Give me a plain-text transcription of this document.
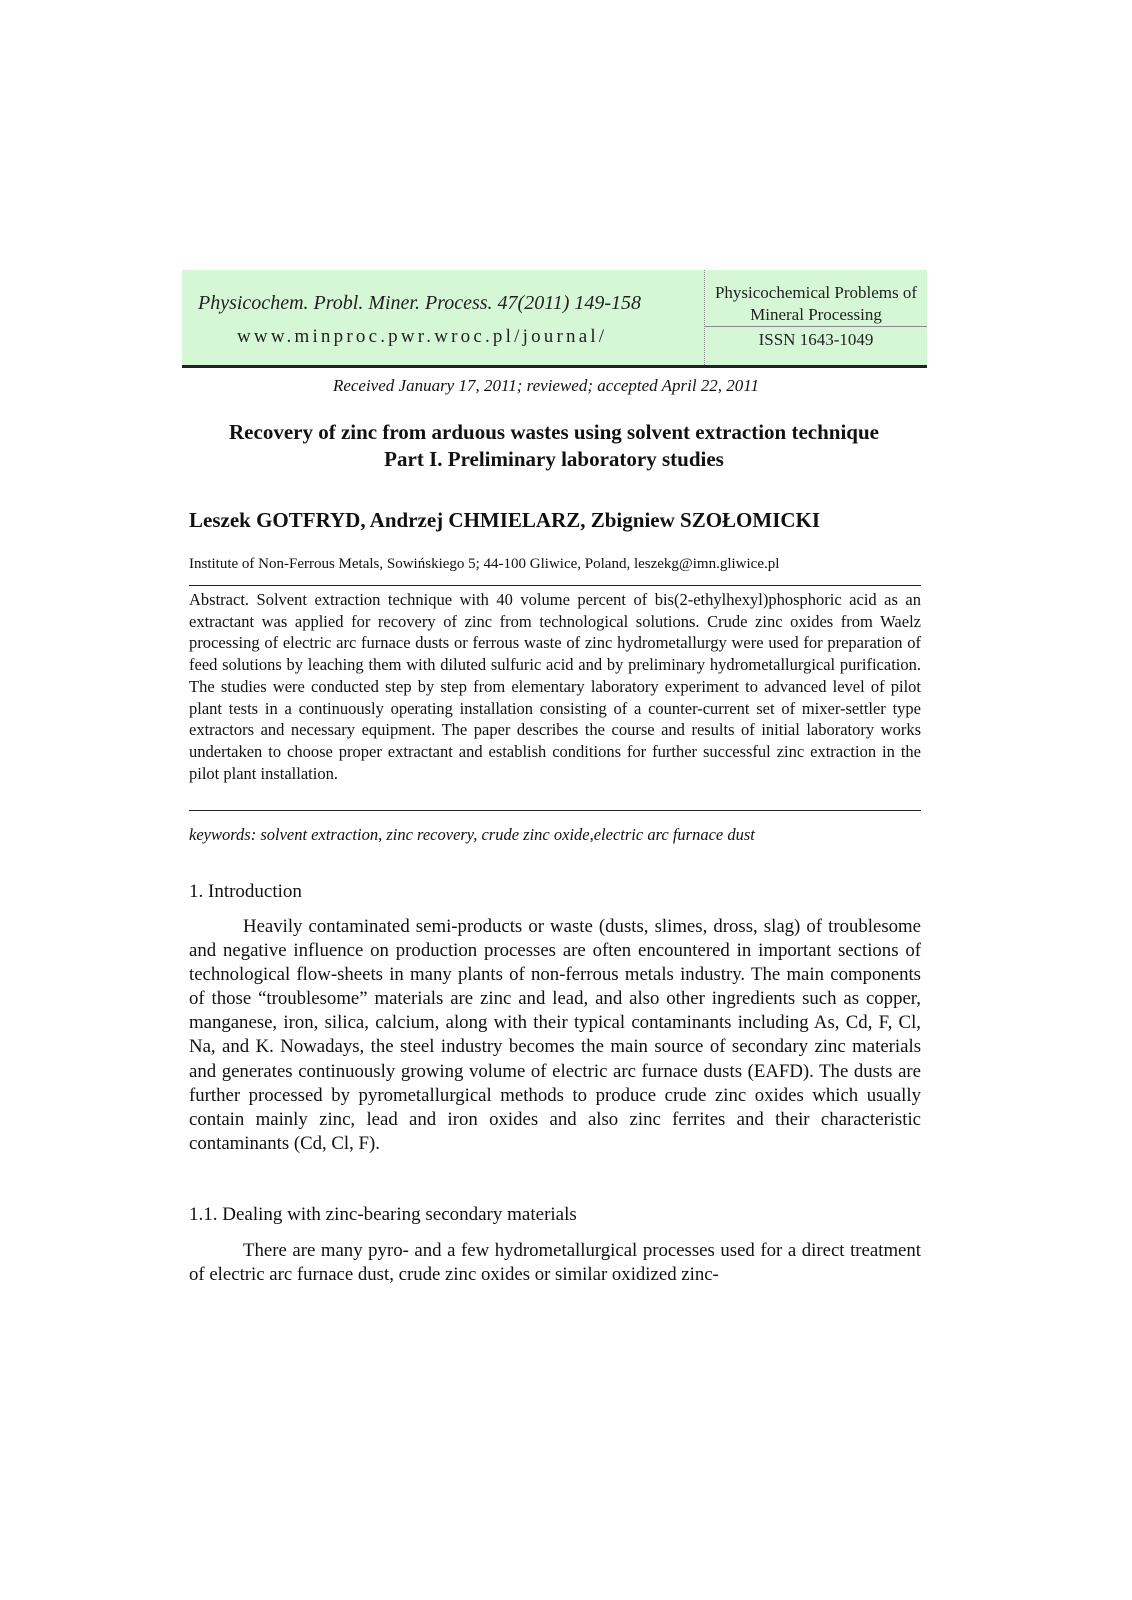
Physicochem. Probl. Miner. Process. 47(2011) 149-158
www.minproc.pwr.wroc.pl/journal/
Physicochemical Problems of Mineral Processing
ISSN 1643-1049
Received January 17, 2011; reviewed; accepted April 22, 2011
Recovery of zinc from arduous wastes using solvent extraction technique
Part I. Preliminary laboratory studies
Leszek GOTFRYD, Andrzej CHMIELARZ, Zbigniew SZOŁOMICKI
Institute of Non-Ferrous Metals, Sowińskiego 5; 44-100 Gliwice, Poland, leszekg@imn.gliwice.pl
Abstract. Solvent extraction technique with 40 volume percent of bis(2-ethylhexyl)phosphoric acid as an extractant was applied for recovery of zinc from technological solutions. Crude zinc oxides from Waelz processing of electric arc furnace dusts or ferrous waste of zinc hydrometallurgy were used for preparation of feed solutions by leaching them with diluted sulfuric acid and by preliminary hydrometallurgical purification. The studies were conducted step by step from elementary laboratory experiment to advanced level of pilot plant tests in a continuously operating installation consisting of a counter-current set of mixer-settler type extractors and necessary equipment. The paper describes the course and results of initial laboratory works undertaken to choose proper extractant and establish conditions for further successful zinc extraction in the pilot plant installation.
keywords: solvent extraction, zinc recovery, crude zinc oxide,electric arc furnace dust
1. Introduction
Heavily contaminated semi-products or waste (dusts, slimes, dross, slag) of troublesome and negative influence on production processes are often encountered in important sections of technological flow-sheets in many plants of non-ferrous metals industry. The main components of those “troublesome” materials are zinc and lead, and also other ingredients such as copper, manganese, iron, silica, calcium, along with their typical contaminants including As, Cd, F, Cl, Na, and K. Nowadays, the steel industry becomes the main source of secondary zinc materials and generates continuously growing volume of electric arc furnace dusts (EAFD). The dusts are further processed by pyrometallurgical methods to produce crude zinc oxides which usually contain mainly zinc, lead and iron oxides and also zinc ferrites and their characteristic contaminants (Cd, Cl, F).
1.1. Dealing with zinc-bearing secondary materials
There are many pyro- and a few hydrometallurgical processes used for a direct treatment of electric arc furnace dust, crude zinc oxides or similar oxidized zinc-
